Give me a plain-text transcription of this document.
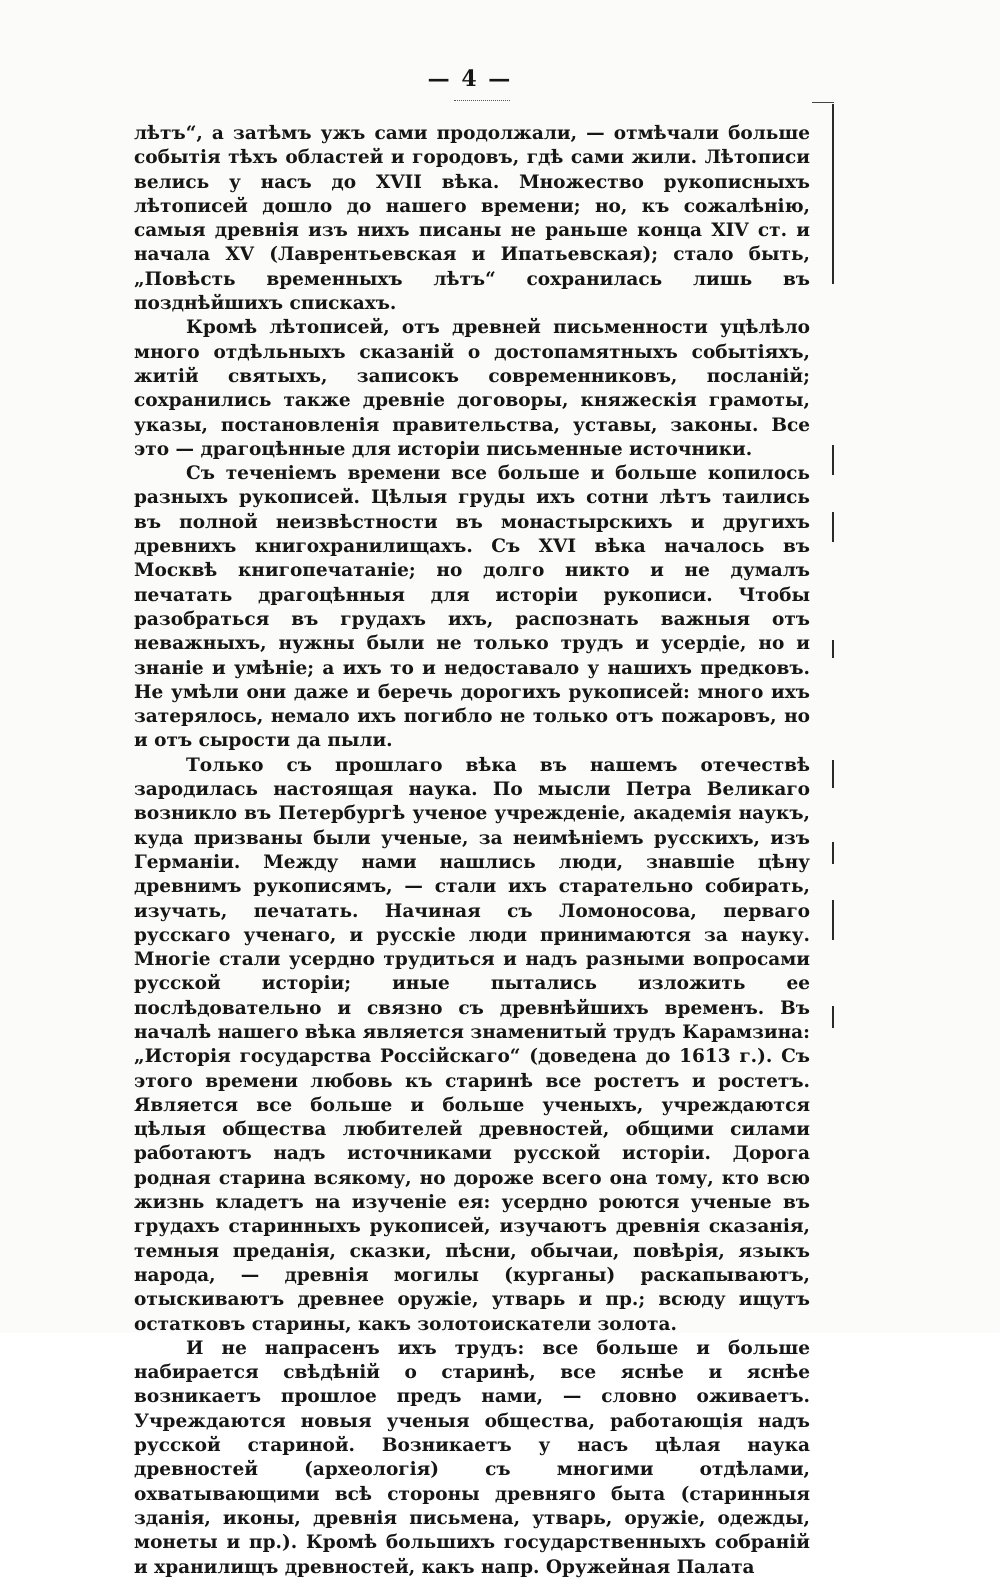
— 4 —

лѣтъ“, а затѣмъ ужъ сами продолжали, — отмѣчали больше событія тѣхъ областей и городовъ, гдѣ сами жили. Лѣтописи велись у насъ до XVII вѣка. Множество рукописныхъ лѣтописей дошло до нашего времени; но, къ сожалѣнію, самыя древнія изъ нихъ писаны не раньше конца XIV ст. и начала XV (Лаврентьевская и Ипатьевская); стало быть, „Повѣсть временныхъ лѣтъ“ сохранилась лишь въ позднѣйшихъ спискахъ.

Кромѣ лѣтописей, отъ древней письменности уцѣлѣло много отдѣльныхъ сказаній о достопамятныхъ событіяхъ, житій святыхъ, записокъ современниковъ, посланій; сохранились также древніе договоры, княжескія грамоты, указы, постановленія правительства, уставы, законы. Все это — драгоцѣнные для исторіи письменные источники.

Съ теченіемъ времени все больше и больше копилось разныхъ рукописей. Цѣлыя груды ихъ сотни лѣтъ таились въ полной неизвѣстности въ монастырскихъ и другихъ древнихъ книгохранилищахъ. Съ XVI вѣка началось въ Москвѣ книгопечатаніе; но долго никто и не думалъ печатать драгоцѣнныя для исторіи рукописи. Чтобы разобраться въ грудахъ ихъ, распознать важныя отъ неважныхъ, нужны были не только трудъ и усердіе, но и знаніе и умѣніе; а ихъ то и недоставало у нашихъ предковъ. Не умѣли они даже и беречь дорогихъ рукописей: много ихъ затерялось, немало ихъ погибло не только отъ пожаровъ, но и отъ сырости да пыли.

Только съ прошлаго вѣка въ нашемъ отечествѣ зародилась настоящая наука. По мысли Петра Великаго возникло въ Петербургѣ ученое учрежденіе, академія наукъ, куда призваны были ученые, за неимѣніемъ русскихъ, изъ Германіи. Между нами нашлись люди, знавшіе цѣну древнимъ рукописямъ, — стали ихъ старательно собирать, изучать, печатать. Начиная съ Ломоносова, перваго русскаго ученаго, и русскіе люди принимаются за науку. Многіе стали усердно трудиться и надъ разными вопросами русской исторіи; иные пытались изложить ее послѣдовательно и связно съ древнѣйшихъ временъ. Въ началѣ нашего вѣка является знаменитый трудъ Карамзина: „Исторія государства Россійскаго“ (доведена до 1613 г.). Съ этого времени любовь къ старинѣ все ростетъ и ростетъ. Является все больше и больше ученыхъ, учреждаются цѣлыя общества любителей древностей, общими силами работаютъ надъ источниками русской исторіи. Дорога родная старина всякому, но дороже всего она тому, кто всю жизнь кладетъ на изученіе ея: усердно роются ученые въ грудахъ старинныхъ рукописей, изучаютъ древнія сказанія, темныя преданія, сказки, пѣсни, обычаи, повѣрія, языкъ народа, — древнія могилы (курганы) раскапываютъ, отыскиваютъ древнее оружіе, утварь и пр.; всюду ищутъ остатковъ старины, какъ золотоискатели золота.

И не напрасенъ ихъ трудъ: все больше и больше набирается свѣдѣній о старинѣ, все яснѣе и яснѣе возникаетъ прошлое предъ нами, — словно оживаетъ. Учреждаются новыя ученыя общества, работающія надъ русской стариной. Возникаетъ у насъ цѣлая наука древностей (археологія) съ многими отдѣлами, охватывающими всѣ стороны древняго быта (старинныя зданія, иконы, древнія письмена, утварь, оружіе, одежды, монеты и пр.). Кромѣ большихъ государственныхъ собраній и хранилищъ древностей, какъ напр. Оружейная Палата
